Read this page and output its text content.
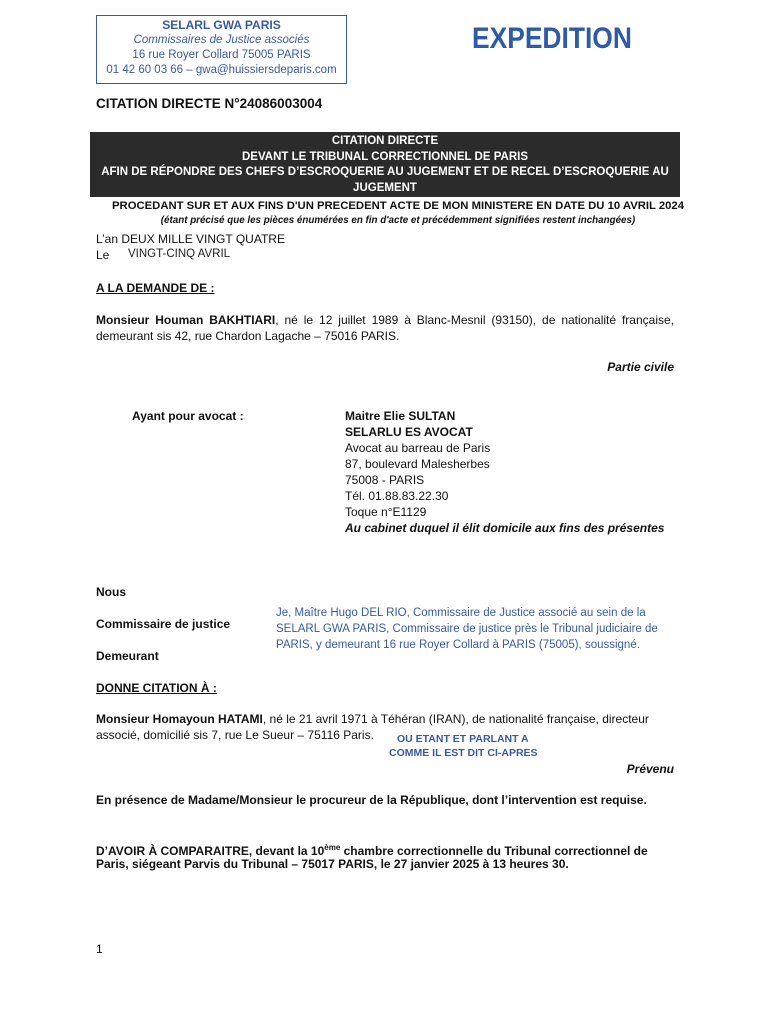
SELARL GWA PARIS
Commissaires de Justice associés
16 rue Royer Collard 75005 PARIS
01 42 60 03 66 – gwa@huissiersdeparis.com
EXPEDITION
CITATION DIRECTE N°24086003004
CITATION DIRECTE
DEVANT LE TRIBUNAL CORRECTIONNEL DE PARIS
AFIN DE RÉPONDRE DES CHEFS D’ESCROQUERIE AU JUGEMENT ET DE RECEL D’ESCROQUERIE AU
JUGEMENT
PROCEDANT SUR ET AUX FINS D'UN PRECEDENT ACTE DE MON MINISTERE EN DATE DU 10 AVRIL 2024
(étant précisé que les pièces énumérées en fin d'acte et précédemment signifiées restent inchangées)
L’an DEUX MILLE VINGT QUATRE
Le VINGT-CINQ AVRIL
A LA DEMANDE DE :
Monsieur Houman BAKHTIARI, né le 12 juillet 1989 à Blanc-Mesnil (93150), de nationalité française, demeurant sis 42, rue Chardon Lagache – 75016 PARIS.
Partie civile
Ayant pour avocat :	Maitre Elie SULTAN
SELARLU ES AVOCAT
Avocat au barreau de Paris
87, boulevard Malesherbes
75008 - PARIS
Tél. 01.88.83.22.30
Toque n°E1129
Au cabinet duquel il élit domicile aux fins des présentes
Nous
Commissaire de justice
Demeurant
Je, Maître Hugo DEL RIO, Commissaire de Justice associé au sein de la
SELARL GWA PARIS, Commissaire de justice près le Tribunal judiciaire de
PARIS, y demeurant 16 rue Royer Collard à PARIS (75005), soussigné.
DONNE CITATION À :
Monsieur Homayoun HATAMI, né le 21 avril 1971 à Téhéran (IRAN), de nationalité française, directeur
associé, domicilié sis 7, rue Le Sueur – 75116 Paris. OU ETANT ET PARLANT A
COMME IL EST DIT CI-APRES
Prévenu
En présence de Madame/Monsieur le procureur de la République, dont l’intervention est requise.
D’AVOIR À COMPARAITRE, devant la 10ème chambre correctionnelle du Tribunal correctionnel de
Paris, siégeant Parvis du Tribunal – 75017 PARIS, le 27 janvier 2025 à 13 heures 30.
1
